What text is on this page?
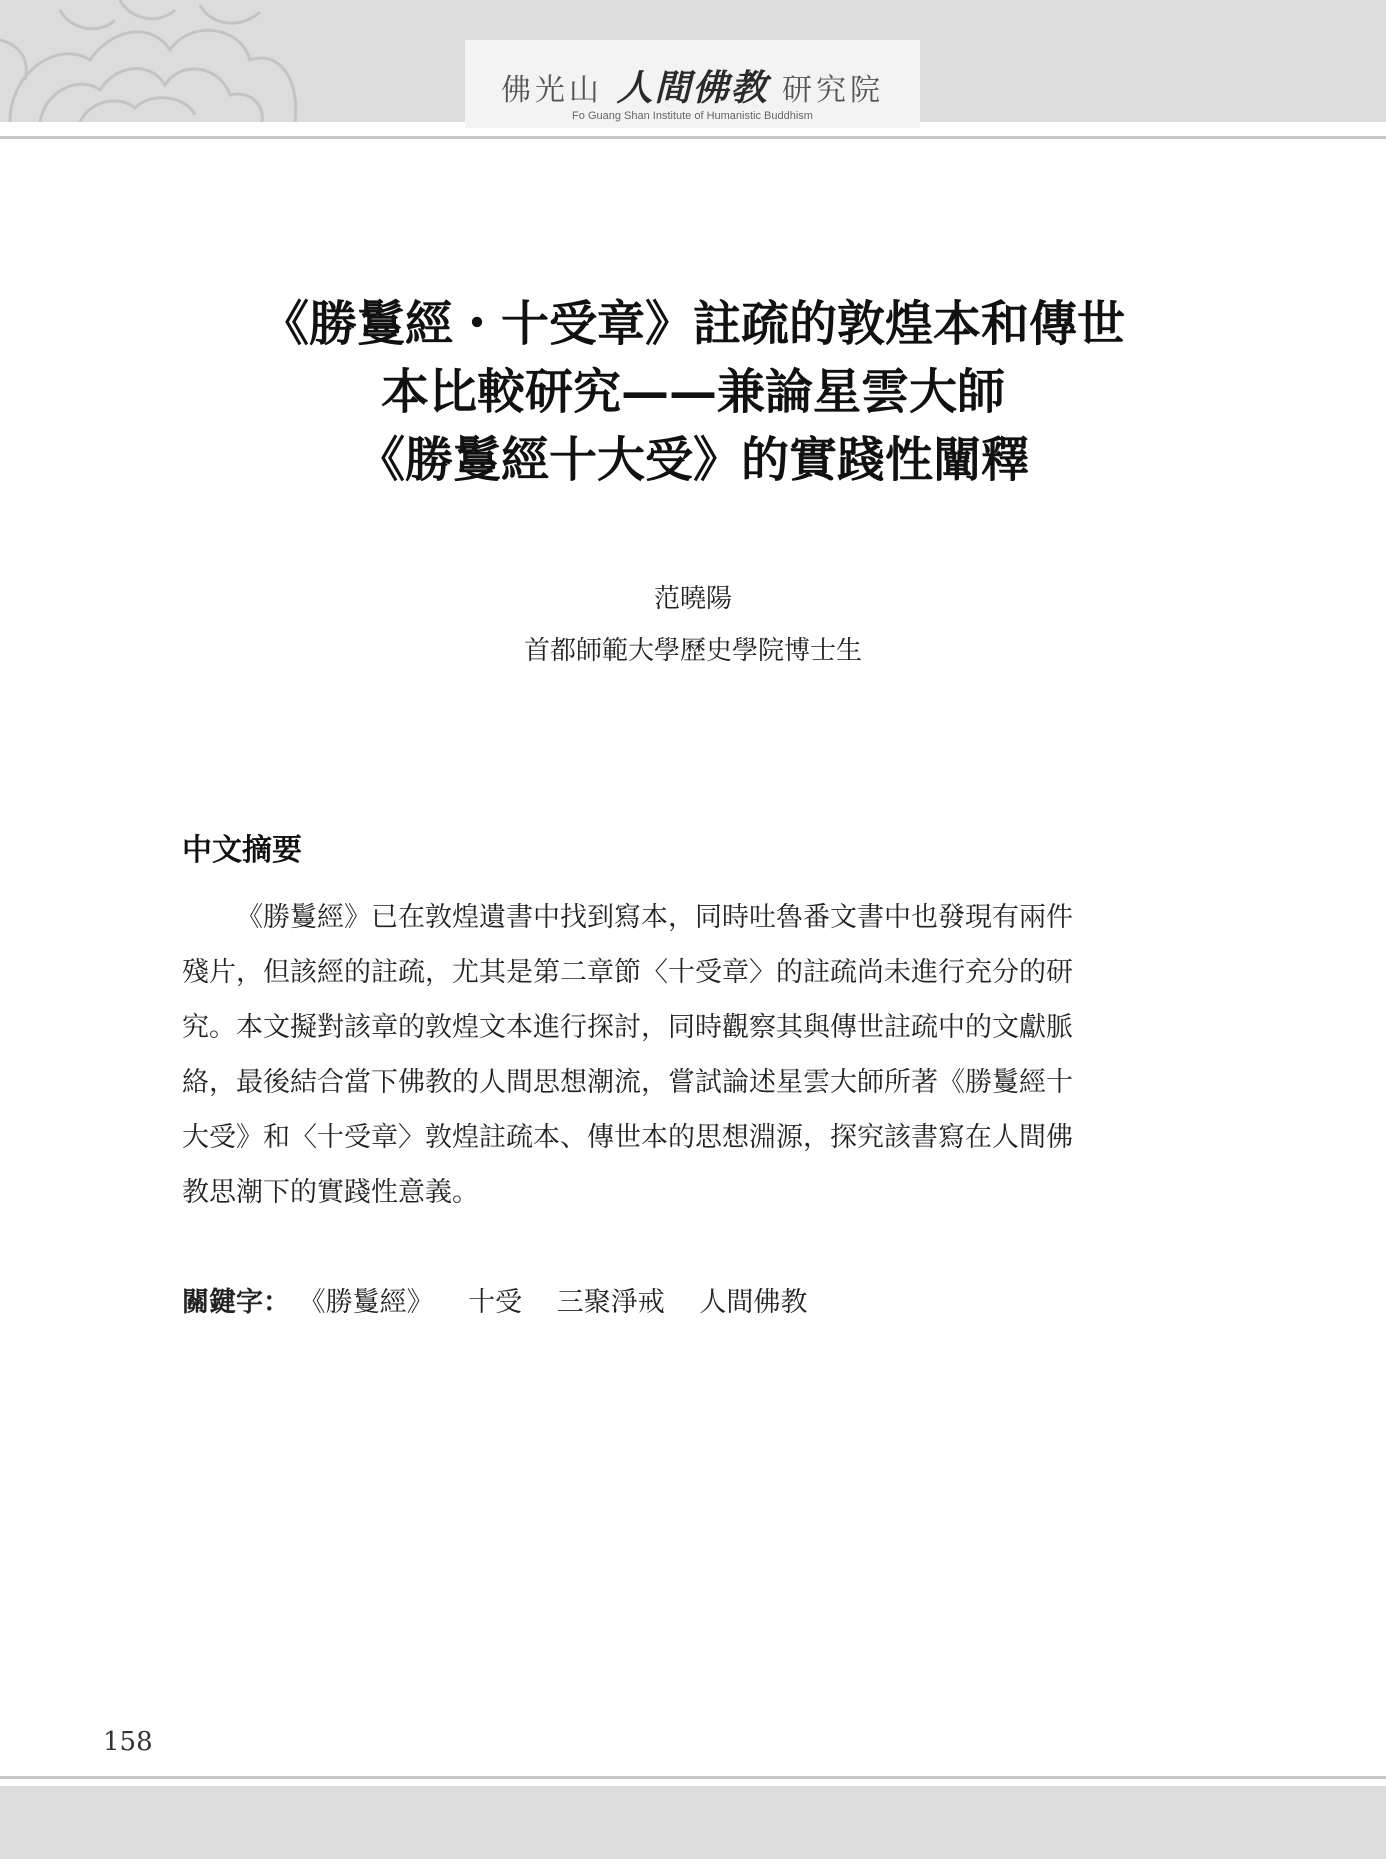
佛光山 人間佛教 研究院
Fo Guang Shan Institute of Humanistic Buddhism
《勝鬘經・十受章》註疏的敦煌本和傳世
本比較研究——兼論星雲大師
《勝鬘經十大受》的實踐性闡釋
范曉陽
首都師範大學歷史學院博士生
中文摘要
《勝鬘經》已在敦煌遺書中找到寫本，同時吐魯番文書中也發現有兩件
殘片，但該經的註疏，尤其是第二章節〈十受章〉的註疏尚未進行充分的研
究。本文擬對該章的敦煌文本進行探討，同時觀察其與傳世註疏中的文獻脈
絡，最後結合當下佛教的人間思想潮流，嘗試論述星雲大師所著《勝鬘經十
大受》和〈十受章〉敦煌註疏本、傳世本的思想淵源，探究該書寫在人間佛
教思潮下的實踐性意義。
關鍵字： 《勝鬘經》 十受 三聚淨戒 人間佛教
158
